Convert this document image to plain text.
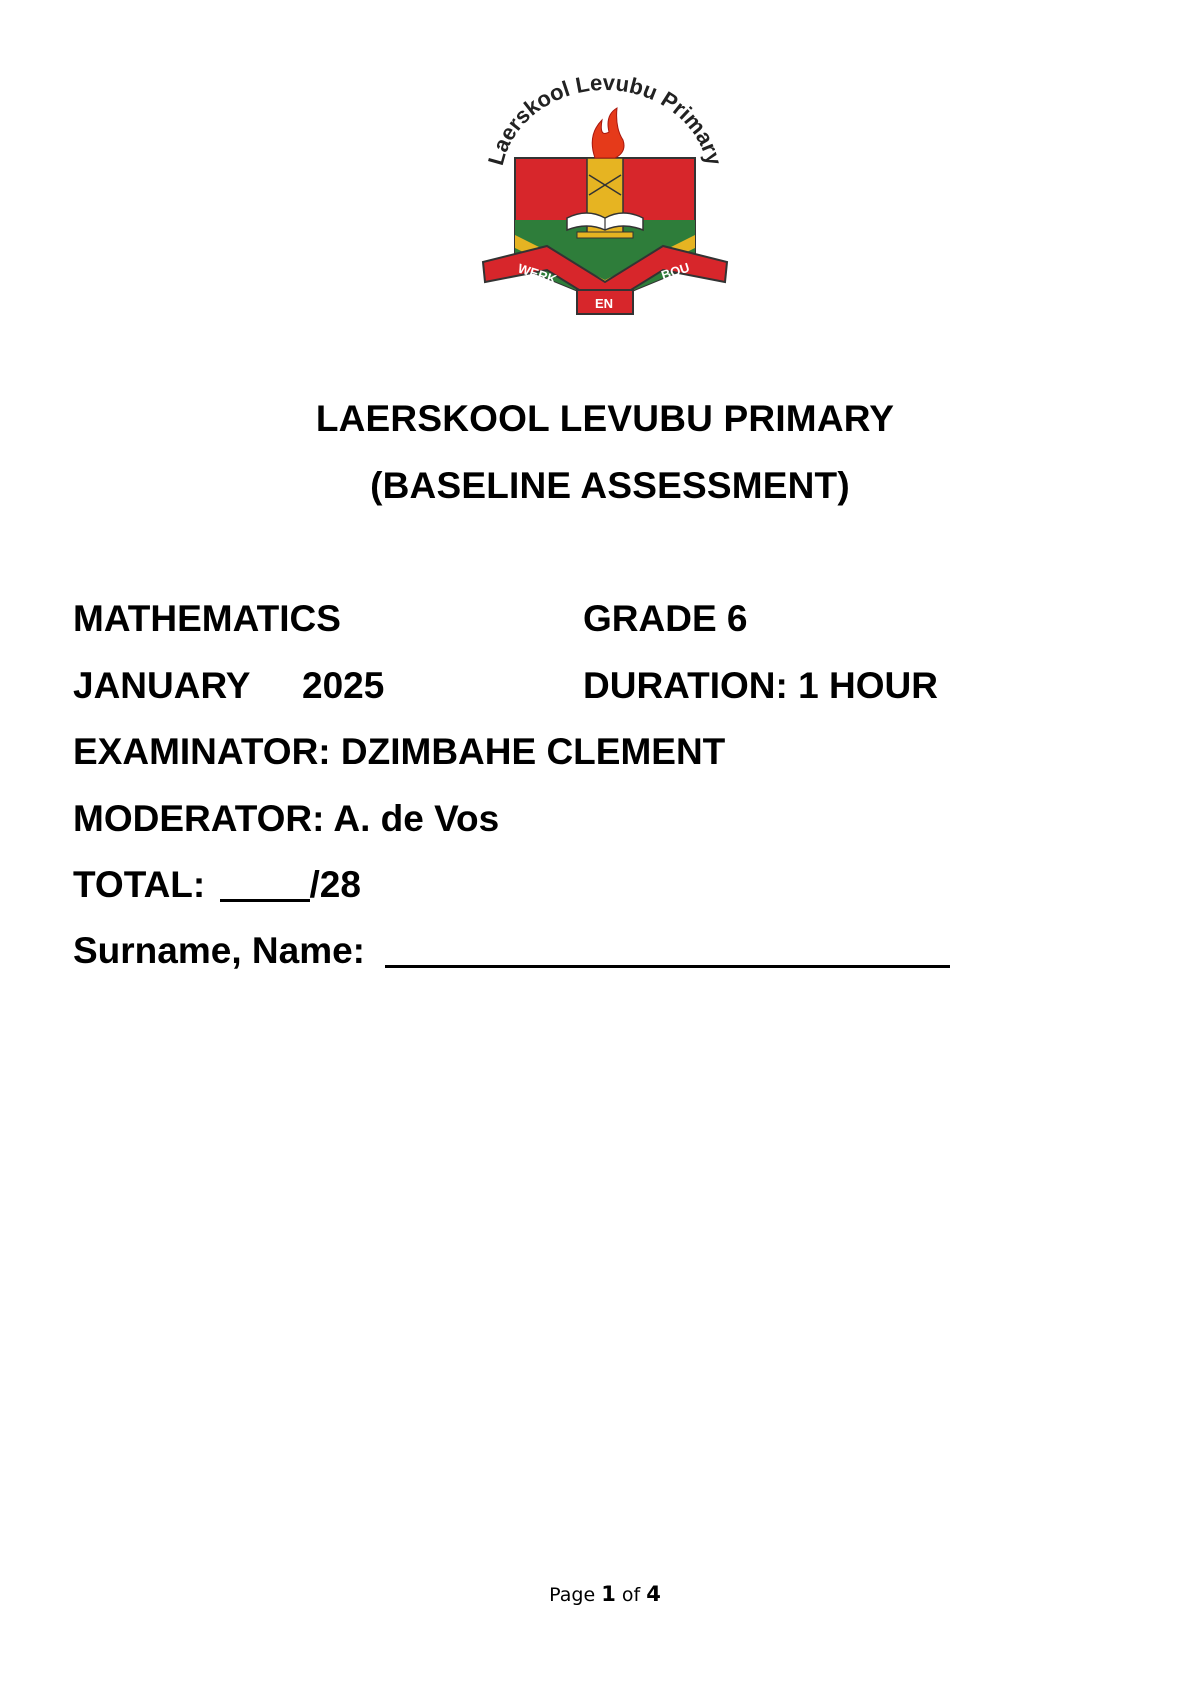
Laerskool Levubu Primary
WERK	BOU
EN
LAERSKOOL LEVUBU PRIMARY
(BASELINE ASSESSMENT)
MATHEMATICS	GRADE 6
JANUARY 2025	DURATION: 1 HOUR
EXAMINATOR: DZIMBAHE CLEMENT
MODERATOR: A. de Vos
TOTAL:	/28
Surname, Name:
Page 1 of 4
